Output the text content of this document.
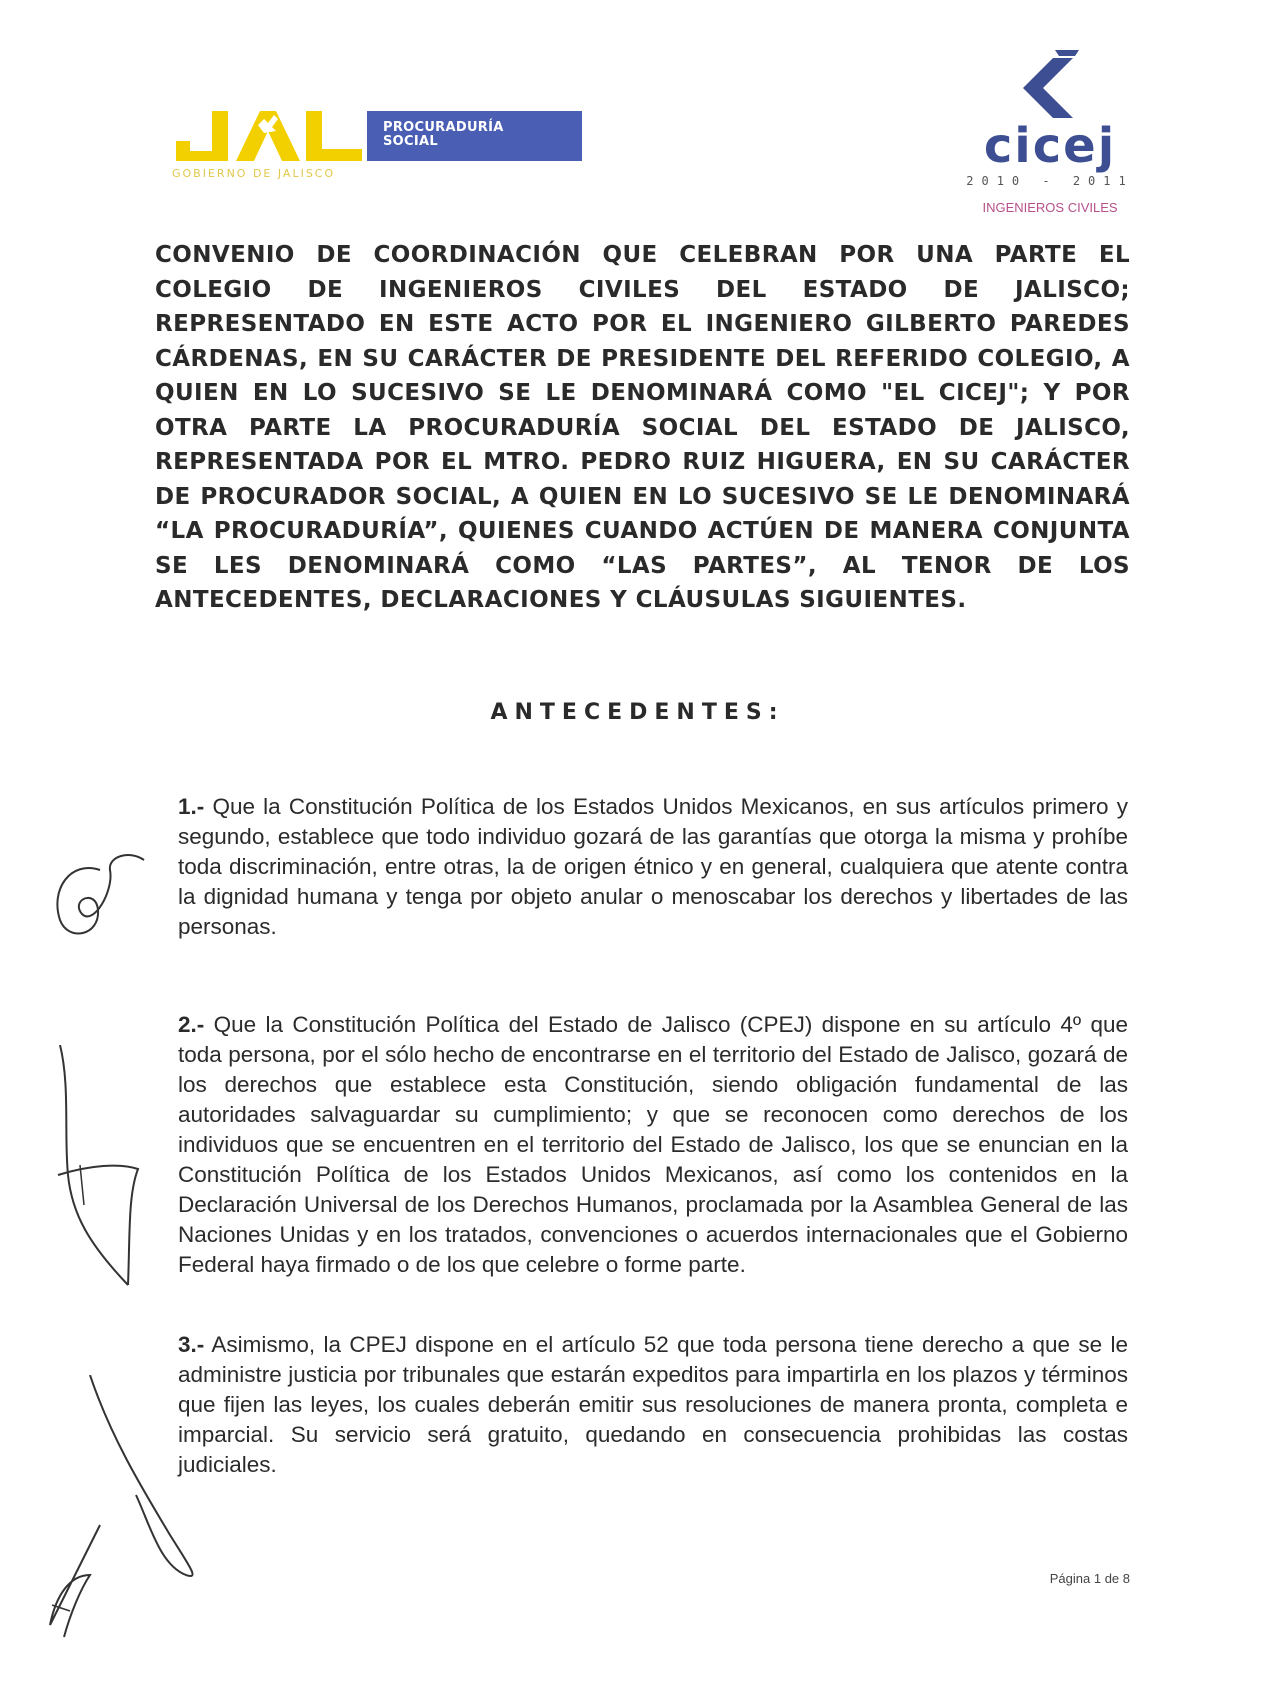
PROCURADURÍA
SOCIAL
GOBIERNO DE JALISCO	cicej
2010 - 2011
INGENIEROS CIVILES
CONVENIO DE COORDINACIÓN QUE CELEBRAN POR UNA PARTE EL COLEGIO DE INGENIEROS CIVILES DEL ESTADO DE JALISCO; REPRESENTADO EN ESTE ACTO POR EL INGENIERO GILBERTO PAREDES CÁRDENAS, EN SU CARÁCTER DE PRESIDENTE DEL REFERIDO COLEGIO, A QUIEN EN LO SUCESIVO SE LE DENOMINARÁ COMO "EL CICEJ"; Y POR OTRA PARTE LA PROCURADURÍA SOCIAL DEL ESTADO DE JALISCO, REPRESENTADA POR EL MTRO. PEDRO RUIZ HIGUERA, EN SU CARÁCTER DE PROCURADOR SOCIAL, A QUIEN EN LO SUCESIVO SE LE DENOMINARÁ “LA PROCURADURÍA”, QUIENES CUANDO ACTÚEN DE MANERA CONJUNTA SE LES DENOMINARÁ COMO “LAS PARTES”, AL TENOR DE LOS ANTECEDENTES, DECLARACIONES Y CLÁUSULAS SIGUIENTES.
ANTECEDENTES:
1.- Que la Constitución Política de los Estados Unidos Mexicanos, en sus artículos primero y segundo, establece que todo individuo gozará de las garantías que otorga la misma y prohíbe toda discriminación, entre otras, la de origen étnico y en general, cualquiera que atente contra la dignidad humana y tenga por objeto anular o menoscabar los derechos y libertades de las personas.
2.- Que la Constitución Política del Estado de Jalisco (CPEJ) dispone en su artículo 4º que toda persona, por el sólo hecho de encontrarse en el territorio del Estado de Jalisco, gozará de los derechos que establece esta Constitución, siendo obligación fundamental de las autoridades salvaguardar su cumplimiento; y que se reconocen como derechos de los individuos que se encuentren en el territorio del Estado de Jalisco, los que se enuncian en la Constitución Política de los Estados Unidos Mexicanos, así como los contenidos en la Declaración Universal de los Derechos Humanos, proclamada por la Asamblea General de las Naciones Unidas y en los tratados, convenciones o acuerdos internacionales que el Gobierno Federal haya firmado o de los que celebre o forme parte.
3.- Asimismo, la CPEJ dispone en el artículo 52 que toda persona tiene derecho a que se le administre justicia por tribunales que estarán expeditos para impartirla en los plazos y términos que fijen las leyes, los cuales deberán emitir sus resoluciones de manera pronta, completa e imparcial. Su servicio será gratuito, quedando en consecuencia prohibidas las costas judiciales.
Página 1 de 8
